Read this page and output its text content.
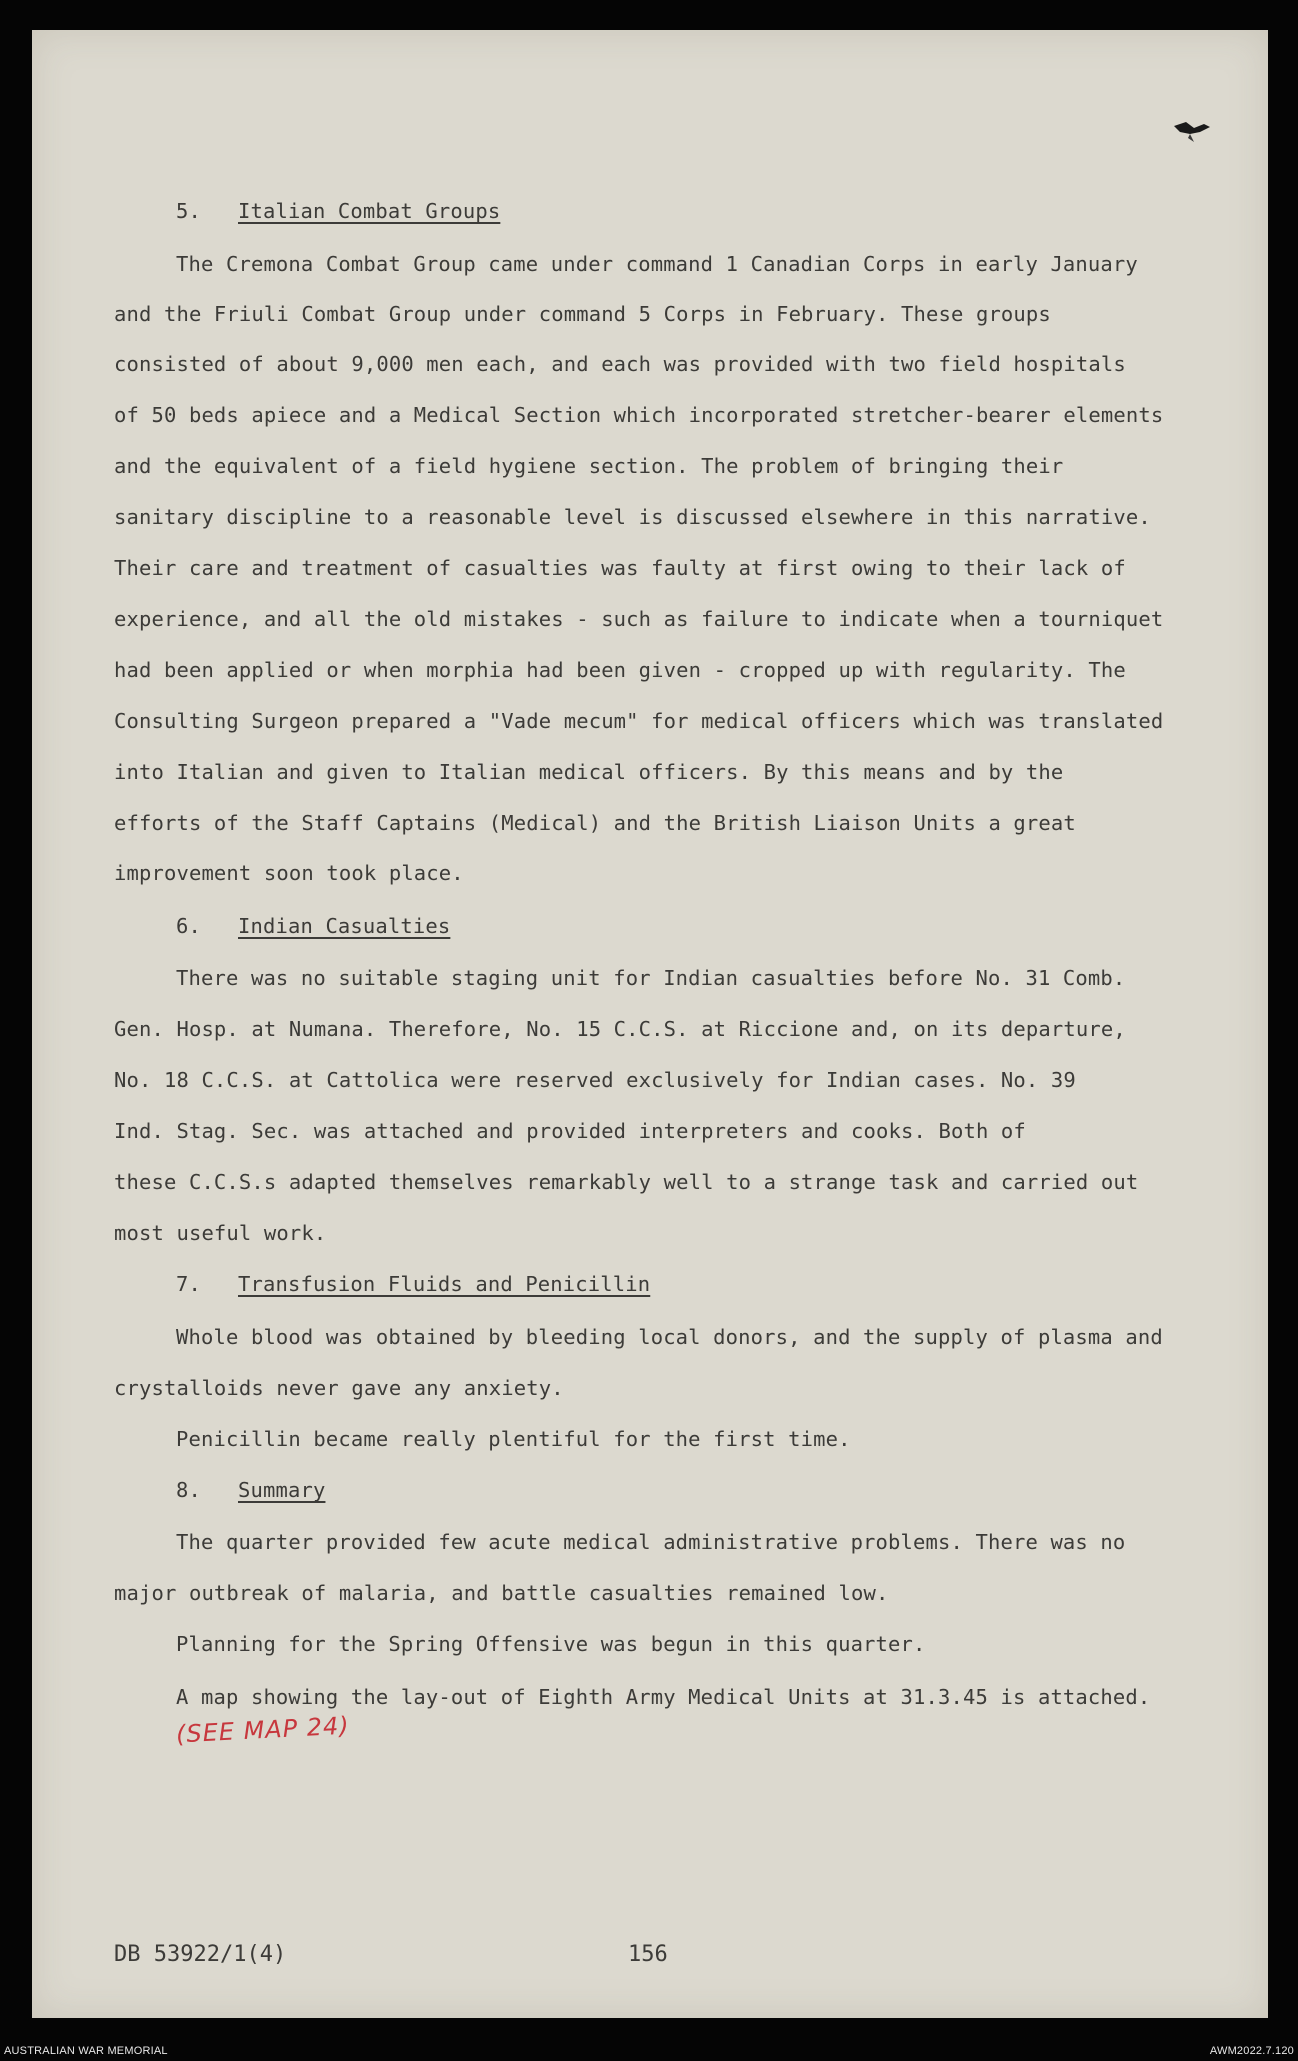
5. Italian Combat Groups
The Cremona Combat Group came under command 1 Canadian Corps in early January
and the Friuli Combat Group under command 5 Corps in February. These groups
consisted of about 9,000 men each, and each was provided with two field hospitals
of 50 beds apiece and a Medical Section which incorporated stretcher-bearer elements
and the equivalent of a field hygiene section. The problem of bringing their
sanitary discipline to a reasonable level is discussed elsewhere in this narrative.
Their care and treatment of casualties was faulty at first owing to their lack of
experience, and all the old mistakes - such as failure to indicate when a tourniquet
had been applied or when morphia had been given - cropped up with regularity. The
Consulting Surgeon prepared a "Vade mecum" for medical officers which was translated
into Italian and given to Italian medical officers. By this means and by the
efforts of the Staff Captains (Medical) and the British Liaison Units a great
improvement soon took place.
6. Indian Casualties
There was no suitable staging unit for Indian casualties before No. 31 Comb.
Gen. Hosp. at Numana. Therefore, No. 15 C.C.S. at Riccione and, on its departure,
No. 18 C.C.S. at Cattolica were reserved exclusively for Indian cases. No. 39
Ind. Stag. Sec. was attached and provided interpreters and cooks. Both of
these C.C.S.s adapted themselves remarkably well to a strange task and carried out
most useful work.
7. Transfusion Fluids and Penicillin
Whole blood was obtained by bleeding local donors, and the supply of plasma and
crystalloids never gave any anxiety.
Penicillin became really plentiful for the first time.
8. Summary
The quarter provided few acute medical administrative problems. There was no
major outbreak of malaria, and battle casualties remained low.
Planning for the Spring Offensive was begun in this quarter.
A map showing the lay-out of Eighth Army Medical Units at 31.3.45 is attached.
(SEE MAP 24)
DB 53922/1(4)	156
AUSTRALIAN WAR MEMORIAL	AWM2022.7.120
